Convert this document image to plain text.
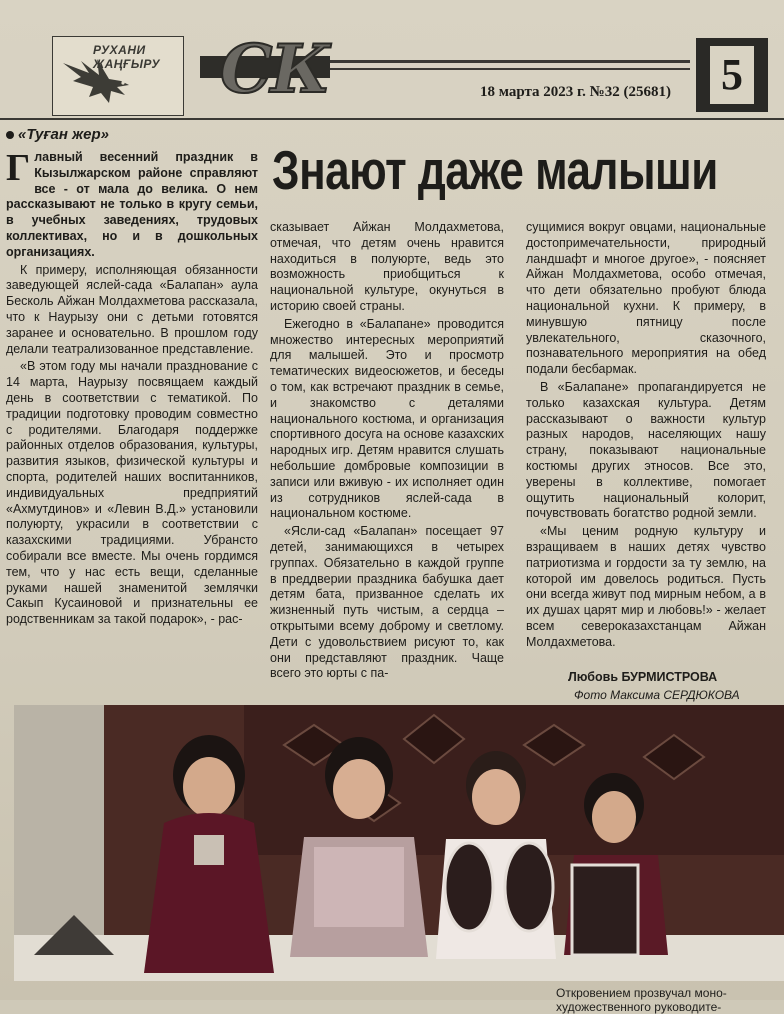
РУХАНИ
ЖАҢҒЫРУ СК	18 марта 2023 г. №32 (25681) 5
«Туған жер»
Знают даже малыши

Главный весенний праздник в Кызылжарском районе справляют все - от мала до велика. О нем рассказывают не только в кругу семьи, в учебных заведениях, трудовых коллективах, но и в дошкольных организациях.

К примеру, исполняющая обязанности заведующей яслей-сада «Балапан» аула Бесколь Айжан Молдахметова рассказала, что к Наурызу они с детьми готовятся заранее и основательно. В прошлом году делали театрализованное представление.

«В этом году мы начали празднование с 14 марта, Наурызу посвящаем каждый день в соответствии с тематикой. По традиции подготовку проводим совместно с родителями. Благодаря поддержке районных отделов образования, культуры, развития языков, физической культуры и спорта, родителей наших воспитанников, индивидуальных предприятий «Ахмутдинов» и «Левин В.Д.» установили полуюрту, украсили в соответствии с казахскими традициями. Убрансто собирали все вместе. Мы очень гордимся тем, что у нас есть вещи, сделанные руками нашей знаменитой землячки Сакып Кусаиновой и признательны ее родственникам за такой подарок», - рас-

сказывает Айжан Молдахметова, отмечая, что детям очень нравится находиться в полуюрте, ведь это возможность приобщиться к национальной культуре, окунуться в историю своей страны.

Ежегодно в «Балапане» проводится множество интересных мероприятий для малышей. Это и просмотр тематических видеосюжетов, и беседы о том, как встречают праздник в семье, и знакомство с деталями национального костюма, и организация спортивного досуга на основе казахских народных игр. Детям нравится слушать небольшие домбровые композиции в записи или вживую - их исполняет один из сотрудников яслей-сада в национальном костюме.

«Ясли-сад «Балапан» посещает 97 детей, занимающихся в четырех группах. Обязательно в каждой группе в преддверии праздника бабушка дает детям бата, призванное сделать их жизненный путь чистым, а сердца – открытыми всему доброму и светлому. Дети с удовольствием рисуют то, как они представляют праздник. Чаще всего это юрты с па-

сущимися вокруг овцами, национальные достопримечательности, природный ландшафт и многое другое», - поясняет Айжан Молдахметова, особо отмечая, что дети обязательно пробуют блюда национальной кухни. К примеру, в минувшую пятницу после увлекательного, сказочного, познавательного мероприятия на обед подали бесбармак.

В «Балапане» пропагандируется не только казахская культура. Детям рассказывают о важности культур разных народов, населяющих нашу страну, показывают национальные костюмы других этносов. Все это, уверены в коллективе, помогает ощутить национальный колорит, почувствовать богатство родной земли.

«Мы ценим родную культуру и взращиваем в наших детях чувство патриотизма и гордости за ту землю, на которой им довелось родиться. Пусть они всегда живут под мирным небом, а в их душах царят мир и любовь!» - желает всем североказахстанцам Айжан Молдахметова.

Любовь БУРМИСТРОВА
Фото Максима СЕРДЮКОВА
Откровением прозвучал моно-
художественного руководите-
